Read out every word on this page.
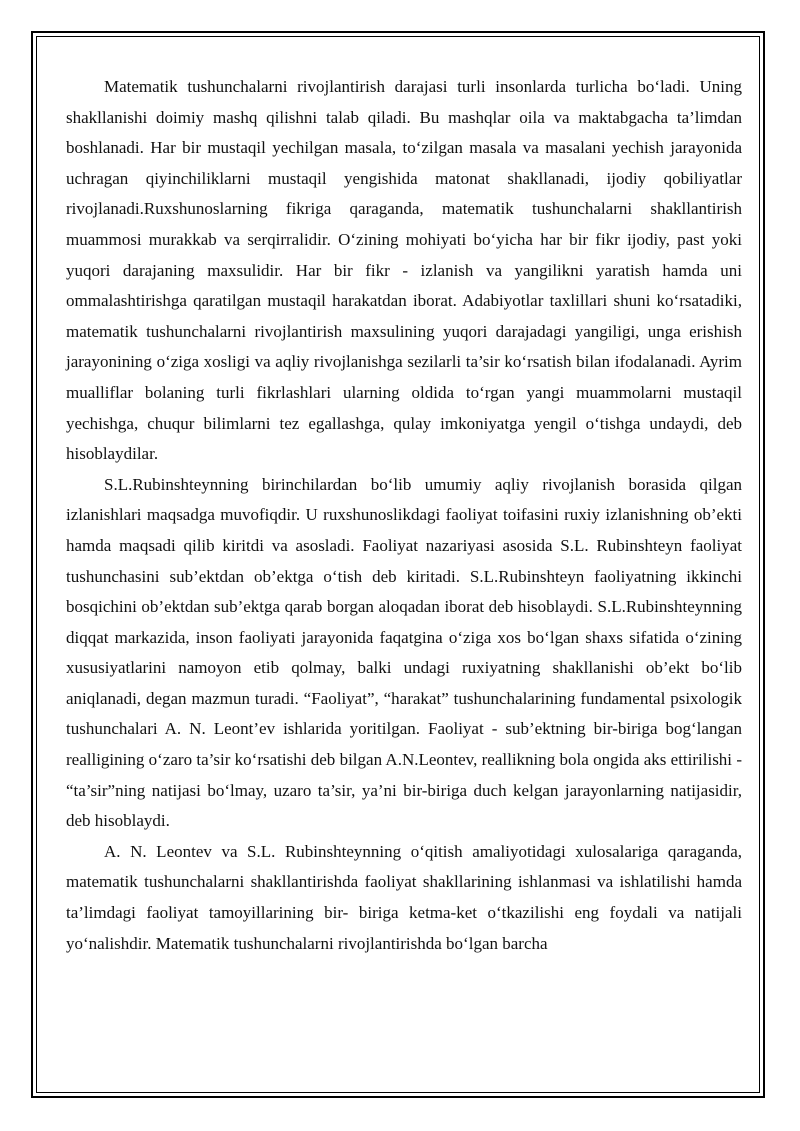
Matematik tushunchalarni rivojlantirish darajasi turli insonlarda turlicha bo‘ladi. Uning shakllanishi doimiy mashq qilishni talab qiladi. Bu mashqlar oila va maktabgacha ta’limdan boshlanadi. Har bir mustaqil yechilgan masala, to‘zilgan masala va masalani yechish jarayonida uchragan qiyinchiliklarni mustaqil yengishida matonat shakllanadi, ijodiy qobiliyatlar rivojlanadi.Ruxshunoslarning fikriga qaraganda, matematik tushunchalarni shakllantirish muammosi murakkab va serqirralidir. O‘zining mohiyati bo‘yicha har bir fikr ijodiy, past yoki yuqori darajaning maxsulidir. Har bir fikr - izlanish va yangilikni yaratish hamda uni ommalashtirishga qaratilgan mustaqil harakatdan iborat. Adabiyotlar taxlillari shuni ko‘rsatadiki, matematik tushunchalarni rivojlantirish maxsulining yuqori darajadagi yangiligi, unga erishish jarayonining o‘ziga xosligi va aqliy rivojlanishga sezilarli ta’sir ko‘rsatish bilan ifodalanadi. Ayrim mualliflar bolaning turli fikrlashlari ularning oldida to‘rgan yangi muammolarni mustaqil yechishga, chuqur bilimlarni tez egallashga, qulay imkoniyatga yengil o‘tishga undaydi, deb hisoblaydilar.

S.L.Rubinshteynning birinchilardan bo‘lib umumiy aqliy rivojlanish borasida qilgan izlanishlari maqsadga muvofiqdir. U ruxshunoslikdagi faoliyat toifasini ruxiy izlanishning ob’ekti hamda maqsadi qilib kiritdi va asosladi. Faoliyat nazariyasi asosida S.L. Rubinshteyn faoliyat tushunchasini sub’ektdan ob’ektga o‘tish deb kiritadi. S.L.Rubinshteyn faoliyatning ikkinchi bosqichini ob’ektdan sub’ektga qarab borgan aloqadan iborat deb hisoblaydi. S.L.Rubinshteynning diqqat markazida, inson faoliyati jarayonida faqatgina o‘ziga xos bo‘lgan shaxs sifatida o‘zining xususiyatlarini namoyon etib qolmay, balki undagi ruxiyatning shakllanishi ob’ekt bo‘lib aniqlanadi, degan mazmun turadi. “Faoliyat”, “harakat” tushunchalarining fundamental psixologik tushunchalari A. N. Leont’ev ishlarida yoritilgan. Faoliyat - sub’ektning bir-biriga bog‘langan realligining o‘zaro ta’sir ko‘rsatishi deb bilgan A.N.Leontev, reallikning bola ongida aks ettirilishi - “ta’sir”ning natijasi bo‘lmay, uzaro ta’sir, ya’ni bir-biriga duch kelgan jarayonlarning natijasidir, deb hisoblaydi.

A. N. Leontev va S.L. Rubinshteynning o‘qitish amaliyotidagi xulosalariga qaraganda, matematik tushunchalarni shakllantirishda faoliyat shakllarining ishlanmasi va ishlatilishi hamda ta’limdagi faoliyat tamoyillarining bir- biriga ketma-ket o‘tkazilishi eng foydali va natijali yo‘nalishdir. Matematik tushunchalarni rivojlantirishda bo‘lgan barcha
